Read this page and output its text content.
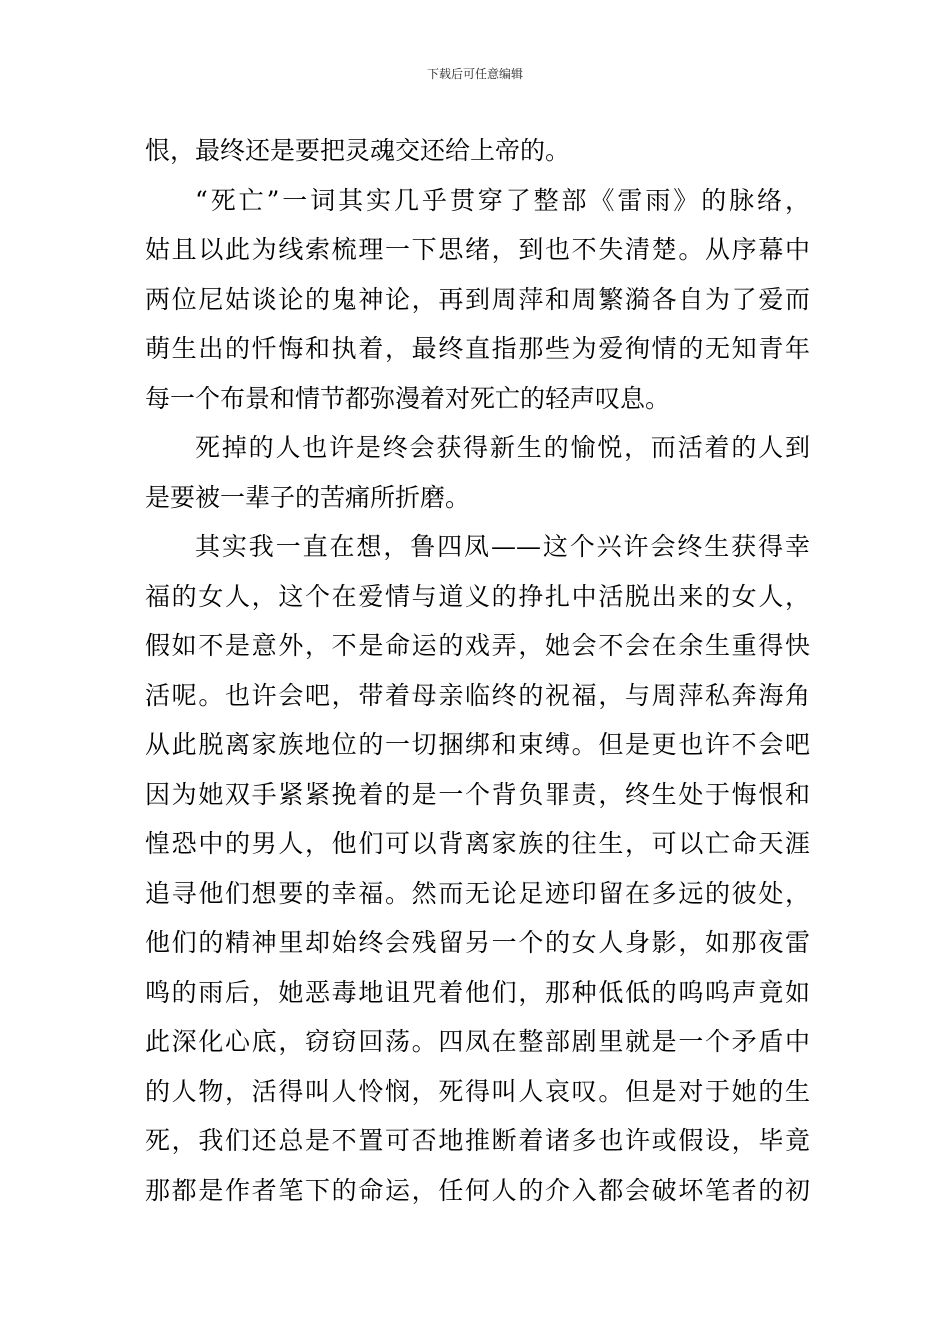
下载后可任意编辑
恨，最终还是要把灵魂交还给上帝的。
“死亡”一词其实几乎贯穿了整部《雷雨》的脉络，
姑且以此为线索梳理一下思绪，到也不失清楚。从序幕中
两位尼姑谈论的鬼神论，再到周萍和周繁漪各自为了爱而
萌生出的忏悔和执着，最终直指那些为爱徇情的无知青年
每一个布景和情节都弥漫着对死亡的轻声叹息。
死掉的人也许是终会获得新生的愉悦，而活着的人到
是要被一辈子的苦痛所折磨。
其实我一直在想，鲁四凤——这个兴许会终生获得幸
福的女人，这个在爱情与道义的挣扎中活脱出来的女人，
假如不是意外，不是命运的戏弄，她会不会在余生重得快
活呢。也许会吧，带着母亲临终的祝福，与周萍私奔海角
从此脱离家族地位的一切捆绑和束缚。但是更也许不会吧
因为她双手紧紧挽着的是一个背负罪责，终生处于悔恨和
惶恐中的男人，他们可以背离家族的往生，可以亡命天涯
追寻他们想要的幸福。然而无论足迹印留在多远的彼处，
他们的精神里却始终会残留另一个的女人身影，如那夜雷
鸣的雨后，她恶毒地诅咒着他们，那种低低的呜呜声竟如
此深化心底，窃窃回荡。四凤在整部剧里就是一个矛盾中
的人物，活得叫人怜悯，死得叫人哀叹。但是对于她的生
死，我们还总是不置可否地推断着诸多也许或假设，毕竟
那都是作者笔下的命运，任何人的介入都会破坏笔者的初
